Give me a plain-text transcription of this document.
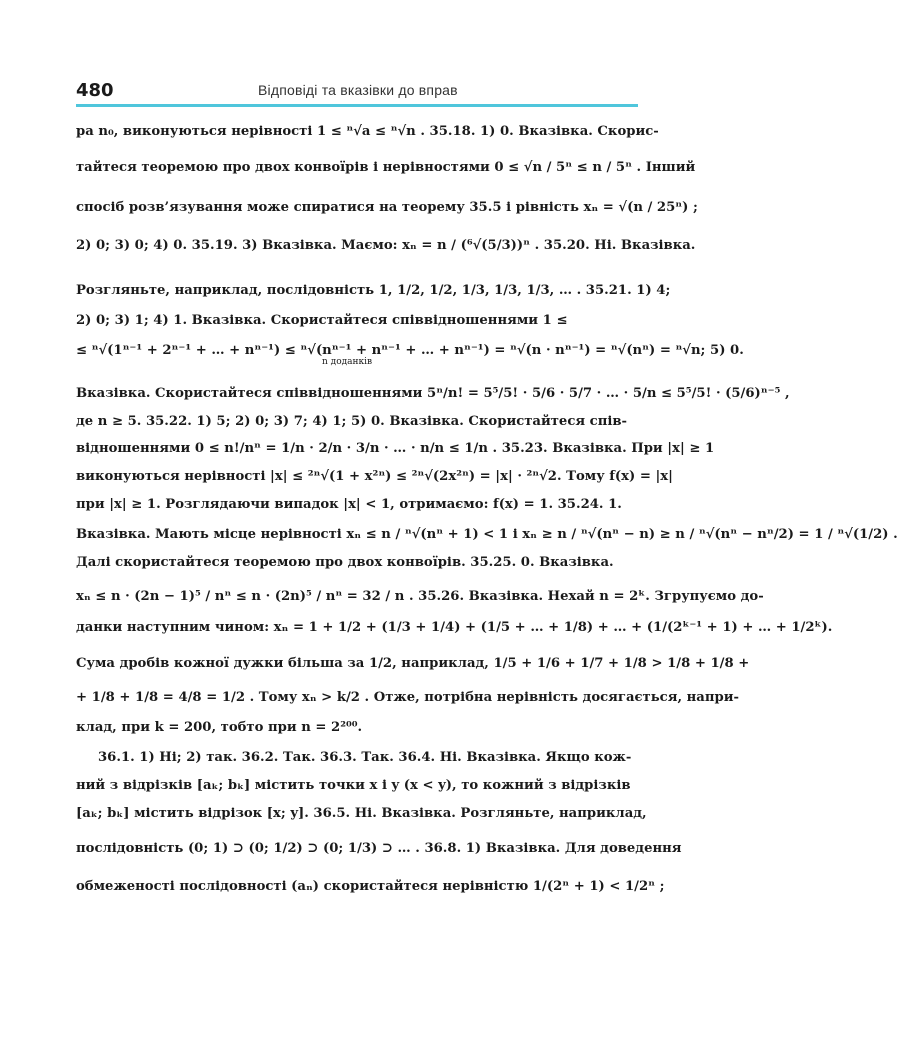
480	Відповіді та вказівки до вправ
ра n₀, виконуються нерівності 1 ≤ ⁿ√a ≤ ⁿ√n . 35.18. 1) 0. Вказівка. Скорис-
тайтеся теоремою про двох конвоїрів і нерівностями 0 ≤ √n / 5ⁿ ≤ n / 5ⁿ . Інший
спосіб розв’язування може спиратися на теорему 35.5 і рівність xₙ = √(n / 25ⁿ) ;
2) 0; 3) 0; 4) 0. 35.19. 3) Вказівка. Маємо: xₙ = n / (⁶√(5/3))ⁿ . 35.20. Ні. Вказівка.
Розгляньте, наприклад, послідовність 1, 1/2, 1/2, 1/3, 1/3, 1/3, … . 35.21. 1) 4;
2) 0; 3) 1; 4) 1. Вказівка. Скористайтеся співвідношеннями 1 ≤
≤ ⁿ√(1ⁿ⁻¹ + 2ⁿ⁻¹ + … + nⁿ⁻¹) ≤ ⁿ√(nⁿ⁻¹ + nⁿ⁻¹ + … + nⁿ⁻¹) = ⁿ√(n · nⁿ⁻¹) = ⁿ√(nⁿ) = ⁿ√n; 5) 0.
n доданків
Вказівка. Скористайтеся співвідношеннями 5ⁿ/n! = 5⁵/5! · 5/6 · 5/7 · … · 5/n ≤ 5⁵/5! · (5/6)ⁿ⁻⁵ ,
де n ≥ 5. 35.22. 1) 5; 2) 0; 3) 7; 4) 1; 5) 0. Вказівка. Скористайтеся спів-
відношеннями 0 ≤ n!/nⁿ = 1/n · 2/n · 3/n · … · n/n ≤ 1/n . 35.23. Вказівка. При |x| ≥ 1
виконуються нерівності |x| ≤ ²ⁿ√(1 + x²ⁿ) ≤ ²ⁿ√(2x²ⁿ) = |x| · ²ⁿ√2. Тому f(x) = |x|
при |x| ≥ 1. Розглядаючи випадок |x| < 1, отримаємо: f(x) = 1. 35.24. 1.
Вказівка. Мають місце нерівності xₙ ≤ n / ⁿ√(nⁿ + 1) < 1 і xₙ ≥ n / ⁿ√(nⁿ − n) ≥ n / ⁿ√(nⁿ − nⁿ/2) = 1 / ⁿ√(1/2) .
Далі скористайтеся теоремою про двох конвоїрів. 35.25. 0. Вказівка.
xₙ ≤ n · (2n − 1)⁵ / nⁿ ≤ n · (2n)⁵ / nⁿ = 32 / n . 35.26. Вказівка. Нехай n = 2ᵏ. Згрупуємо до-
данки наступним чином: xₙ = 1 + 1/2 + (1/3 + 1/4) + (1/5 + … + 1/8) + … + (1/(2ᵏ⁻¹ + 1) + … + 1/2ᵏ).
Сума дробів кожної дужки більша за 1/2, наприклад, 1/5 + 1/6 + 1/7 + 1/8 > 1/8 + 1/8 +
+ 1/8 + 1/8 = 4/8 = 1/2 . Тому xₙ > k/2 . Отже, потрібна нерівність досягається, напри-
клад, при k = 200, тобто при n = 2²⁰⁰.
36.1. 1) Ні; 2) так. 36.2. Так. 36.3. Так. 36.4. Ні. Вказівка. Якщо кож-
ний з відрізків [aₖ; bₖ] містить точки x і y (x < y), то кожний з відрізків
[aₖ; bₖ] містить відрізок [x; y]. 36.5. Ні. Вказівка. Розгляньте, наприклад,
послідовність (0; 1) ⊃ (0; 1/2) ⊃ (0; 1/3) ⊃ … . 36.8. 1) Вказівка. Для доведення
обмеженості послідовності (aₙ) скористайтеся нерівністю 1/(2ⁿ + 1) < 1/2ⁿ ;
